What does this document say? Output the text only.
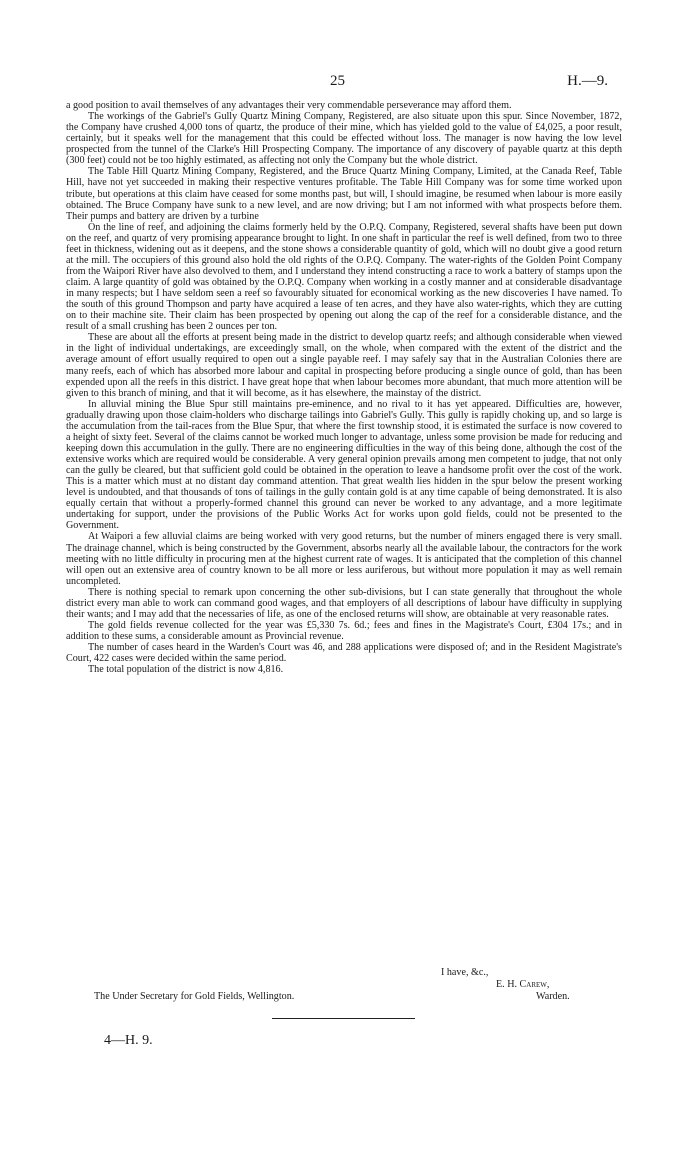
25	H.—9.

a good position to avail themselves of any advantages their very commendable perseverance may afford them.

The workings of the Gabriel's Gully Quartz Mining Company, Registered, are also situate upon this spur. Since November, 1872, the Company have crushed 4,000 tons of quartz, the produce of their mine, which has yielded gold to the value of £4,025, a poor result, certainly, but it speaks well for the management that this could be effected without loss. The manager is now having the low level prospected from the tunnel of the Clarke's Hill Prospecting Company. The importance of any discovery of payable quartz at this depth (300 feet) could not be too highly estimated, as affecting not only the Company but the whole district.

The Table Hill Quartz Mining Company, Registered, and the Bruce Quartz Mining Company, Limited, at the Canada Reef, Table Hill, have not yet succeeded in making their respective ventures profitable. The Table Hill Company was for some time worked upon tribute, but operations at this claim have ceased for some months past, but will, I should imagine, be resumed when labour is more easily obtained. The Bruce Company have sunk to a new level, and are now driving; but I am not informed with what prospects before them. Their pumps and battery are driven by a turbine

On the line of reef, and adjoining the claims formerly held by the O.P.Q. Company, Registered, several shafts have been put down on the reef, and quartz of very promising appearance brought to light. In one shaft in particular the reef is well defined, from two to three feet in thickness, widening out as it deepens, and the stone shows a considerable quantity of gold, which will no doubt give a good return at the mill. The occupiers of this ground also hold the old rights of the O.P.Q. Company. The water-rights of the Golden Point Company from the Waipori River have also devolved to them, and I understand they intend constructing a race to work a battery of stamps upon the claim. A large quantity of gold was obtained by the O.P.Q. Company when working in a costly manner and at considerable disadvantage in many respects; but I have seldom seen a reef so favourably situated for economical working as the new discoveries I have named. To the south of this ground Thompson and party have acquired a lease of ten acres, and they have also water-rights, which they are cutting on to their machine site. Their claim has been prospected by opening out along the cap of the reef for a considerable distance, and the result of a small crushing has been 2 ounces per ton.

These are about all the efforts at present being made in the district to develop quartz reefs; and although considerable when viewed in the light of individual undertakings, are exceedingly small, on the whole, when compared with the extent of the district and the average amount of effort usually required to open out a single payable reef. I may safely say that in the Australian Colonies there are many reefs, each of which has absorbed more labour and capital in prospecting before producing a single ounce of gold, than has been expended upon all the reefs in this district. I have great hope that when labour becomes more abundant, that much more attention will be given to this branch of mining, and that it will become, as it has elsewhere, the mainstay of the district.

In alluvial mining the Blue Spur still maintains pre-eminence, and no rival to it has yet appeared. Difficulties are, however, gradually drawing upon those claim-holders who discharge tailings into Gabriel's Gully. This gully is rapidly choking up, and so large is the accumulation from the tail-races from the Blue Spur, that where the first township stood, it is estimated the surface is now covered to a height of sixty feet. Several of the claims cannot be worked much longer to advantage, unless some provision be made for reducing and keeping down this accumulation in the gully. There are no engineering difficulties in the way of this being done, although the cost of the extensive works which are required would be considerable. A very general opinion prevails among men competent to judge, that not only can the gully be cleared, but that sufficient gold could be obtained in the operation to leave a handsome profit over the cost of the work. This is a matter which must at no distant day command attention. That great wealth lies hidden in the spur below the present working level is undoubted, and that thousands of tons of tailings in the gully contain gold is at any time capable of being demonstrated. It is also equally certain that without a properly-formed channel this ground can never be worked to any advantage, and a more legitimate undertaking for support, under the provisions of the Public Works Act for works upon gold fields, could not be presented to the Government.

At Waipori a few alluvial claims are being worked with very good returns, but the number of miners engaged there is very small. The drainage channel, which is being constructed by the Government, absorbs nearly all the available labour, the contractors for the work meeting with no little difficulty in procuring men at the highest current rate of wages. It is anticipated that the completion of this channel will open out an extensive area of country known to be all more or less auriferous, but without more population it may as well remain uncompleted.

There is nothing special to remark upon concerning the other sub-divisions, but I can state generally that throughout the whole district every man able to work can command good wages, and that employers of all descriptions of labour have difficulty in supplying their wants; and I may add that the necessaries of life, as one of the enclosed returns will show, are obtainable at very reasonable rates.

The gold fields revenue collected for the year was £5,330 7s. 6d.; fees and fines in the Magistrate's Court, £304 17s.; and in addition to these sums, a considerable amount as Provincial revenue.

The number of cases heard in the Warden's Court was 46, and 288 applications were disposed of; and in the Resident Magistrate's Court, 422 cases were decided within the same period.

The total population of the district is now 4,816.

I have, &c.,
E. H. Carew,
Warden.
The Under Secretary for Gold Fields, Wellington.
4—H. 9.
